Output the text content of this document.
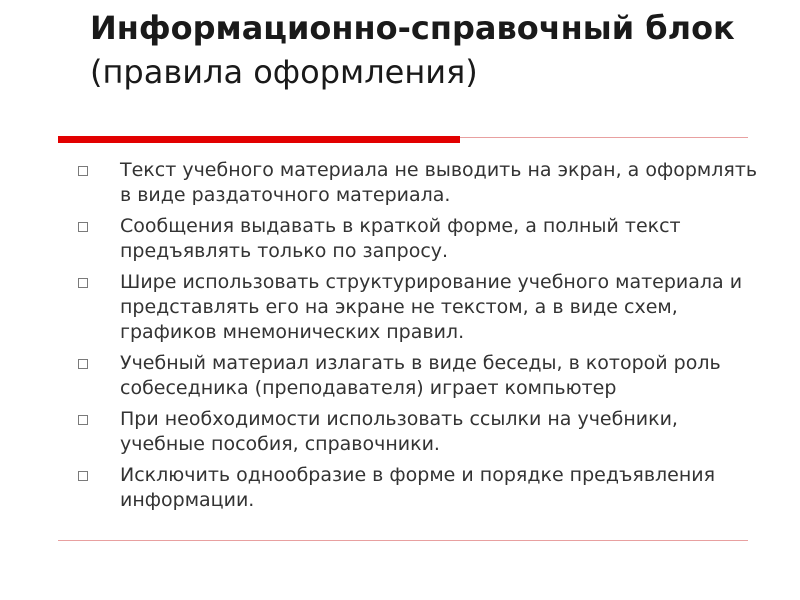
Информационно-справочный блок (правила оформления)
Текст учебного материала не выводить на экран, а оформлять в виде раздаточного материала.
Сообщения выдавать в краткой форме, а полный текст предъявлять только по запросу.
Шире использовать структурирование учебного материала и представлять его на экране не текстом, а в виде схем, графиков мнемонических правил.
Учебный материал излагать в виде беседы, в которой роль собеседника (преподавателя) играет компьютер
При необходимости использовать ссылки на учебники, учебные пособия, справочники.
Исключить однообразие в форме и порядке предъявления информации.
